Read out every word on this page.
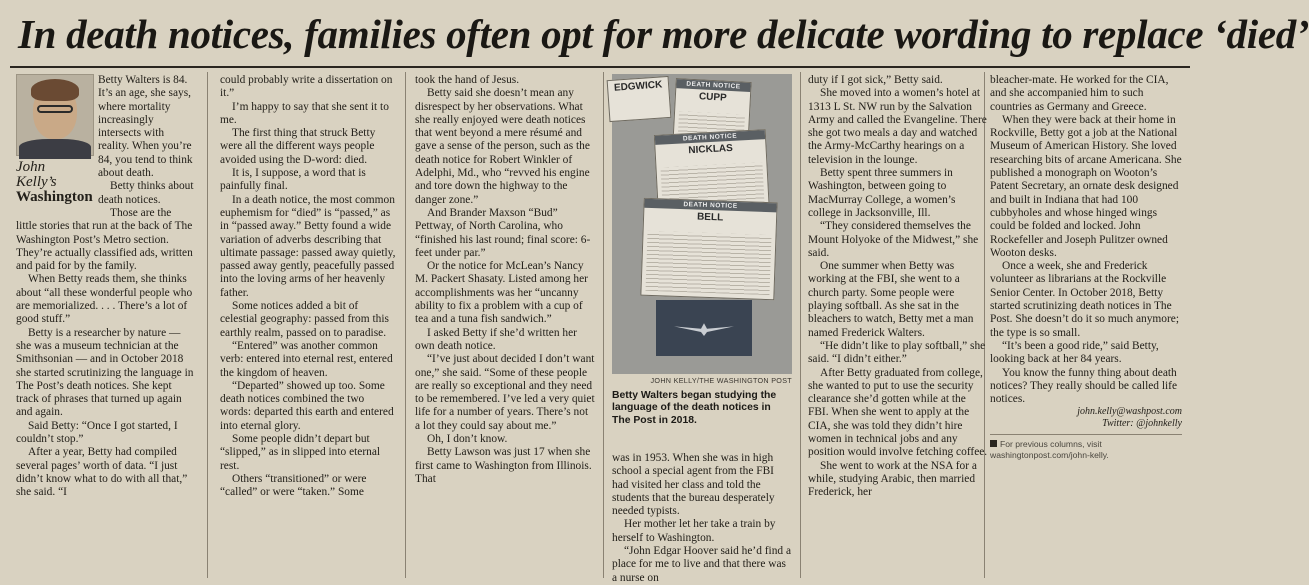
In death notices, families often opt for more delicate wording to replace ‘died’
John
Kelly’s
Washington

Betty Walters is 84. It’s an age, she says, where mortality increasingly intersects with reality. When you’re 84, you tend to think about death.

Betty thinks about death notices.

Those are the little stories that run at the back of The Washington Post’s Metro section. They’re actually classified ads, written and paid for by the family.

When Betty reads them, she thinks about “all these wonderful people who are memorialized. . . . There’s a lot of good stuff.”

Betty is a researcher by nature — she was a museum technician at the Smithsonian — and in October 2018 she started scrutinizing the language in The Post’s death notices. She kept track of phrases that turned up again and again.

Said Betty: “Once I got started, I couldn’t stop.”

After a year, Betty had compiled several pages’ worth of data. “I just didn’t know what to do with all that,” she said. “I

could probably write a dissertation on it.”

I’m happy to say that she sent it to me.

The first thing that struck Betty were all the different ways people avoided using the D-word: died.

It is, I suppose, a word that is painfully final.

In a death notice, the most common euphemism for “died” is “passed,” as in “passed away.” Betty found a wide variation of adverbs describing that ultimate passage: passed away quietly, passed away gently, peacefully passed into the loving arms of her heavenly father.

Some notices added a bit of celestial geography: passed from this earthly realm, passed on to paradise.

“Entered” was another common verb: entered into eternal rest, entered the kingdom of heaven.

“Departed” showed up too. Some death notices combined the two words: departed this earth and entered into eternal glory.

Some people didn’t depart but “slipped,” as in slipped into eternal rest.

Others “transitioned” or were “called” or were “taken.” Some

took the hand of Jesus.

Betty said she doesn’t mean any disrespect by her observations. What she really enjoyed were death notices that went beyond a mere résumé and gave a sense of the person, such as the death notice for Robert Winkler of Adelphi, Md., who “revved his engine and tore down the highway to the danger zone.”

And Brander Maxson “Bud” Pettway, of North Carolina, who “finished his last round; final score: 6-feet under par.”

Or the notice for McLean’s Nancy M. Packert Shasaty. Listed among her accomplishments was her “uncanny ability to fix a problem with a cup of tea and a tuna fish sandwich.”

I asked Betty if she’d written her own death notice.

“I’ve just about decided I don’t want one,” she said. “Some of these people are really so exceptional and they need to be remembered. I’ve led a very quiet life for a number of years. There’s not a lot they could say about me.”

Oh, I don’t know.

Betty Lawson was just 17 when she first came to Washington from Illinois. That

EDGWICK	DEATH NOTICE
CUPP
DEATH NOTICE
NICKLAS
DEATH NOTICE
BELL
JOHN KELLY/THE WASHINGTON POST
Betty Walters began studying the language of the death notices in The Post in 2018.

was in 1953. When she was in high school a special agent from the FBI had visited her class and told the students that the bureau desperately needed typists.

Her mother let her take a train by herself to Washington.

“John Edgar Hoover said he’d find a place for me to live and that there was a nurse on

duty if I got sick,” Betty said.

She moved into a women’s hotel at 1313 L St. NW run by the Salvation Army and called the Evangeline. There she got two meals a day and watched the Army-McCarthy hearings on a television in the lounge.

Betty spent three summers in Washington, between going to MacMurray College, a women’s college in Jacksonville, Ill.

“They considered themselves the Mount Holyoke of the Midwest,” she said.

One summer when Betty was working at the FBI, she went to a church party. Some people were playing softball. As she sat in the bleachers to watch, Betty met a man named Frederick Walters.

“He didn’t like to play softball,” she said. “I didn’t either.”

After Betty graduated from college, she wanted to put to use the security clearance she’d gotten while at the FBI. When she went to apply at the CIA, she was told they didn’t hire women in technical jobs and any position would involve fetching coffee.

She went to work at the NSA for a while, studying Arabic, then married Frederick, her

bleacher-mate. He worked for the CIA, and she accompanied him to such countries as Germany and Greece.

When they were back at their home in Rockville, Betty got a job at the National Museum of American History. She loved researching bits of arcane Americana. She published a monograph on Wooton’s Patent Secretary, an ornate desk designed and built in Indiana that had 100 cubbyholes and whose hinged wings could be folded and locked. John Rockefeller and Joseph Pulitzer owned Wooton desks.

Once a week, she and Frederick volunteer as librarians at the Rockville Senior Center. In October 2018, Betty started scrutinizing death notices in The Post. She doesn’t do it so much anymore; the type is so small.

“It’s been a good ride,” said Betty, looking back at her 84 years.

You know the funny thing about death notices? They really should be called life notices.

john.kelly@washpost.com
Twitter: @johnkelly
For previous columns, visit washingtonpost.com/john-kelly.
